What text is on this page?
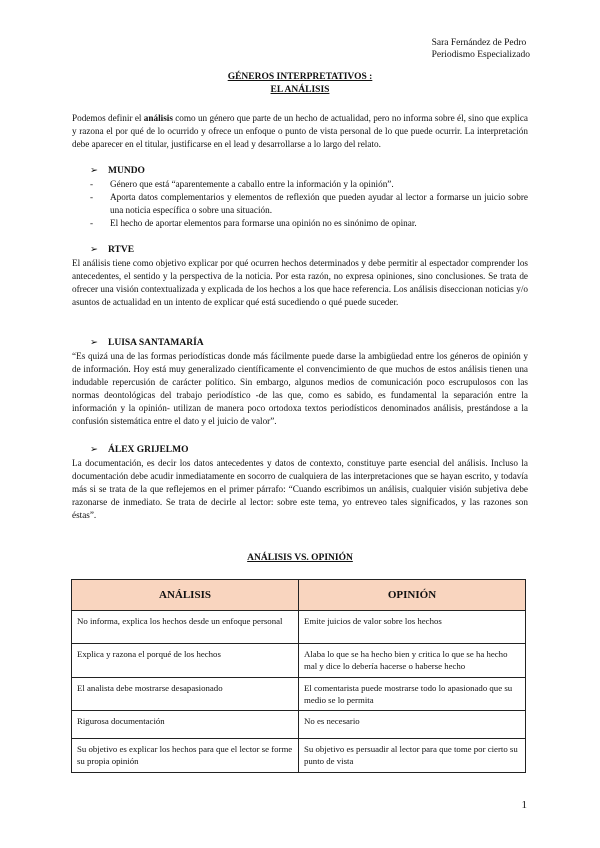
Sara Fernández de Pedro
Periodismo Especializado
GÉNEROS INTERPRETATIVOS :
EL ANÁLISIS
Podemos definir el análisis como un género que parte de un hecho de actualidad, pero no informa sobre él, sino que explica y razona el por qué de lo ocurrido y ofrece un enfoque o punto de vista personal de lo que puede ocurrir. La interpretación debe aparecer en el titular, justificarse en el lead y desarrollarse a lo largo del relato.
➢ MUNDO
- Género que está “aparentemente a caballo entre la información y la opinión”.
- Aporta datos complementarios y elementos de reflexión que pueden ayudar al lector a formarse un juicio sobre una noticia específica o sobre una situación.
- El hecho de aportar elementos para formarse una opinión no es sinónimo de opinar.
➢ RTVE
El análisis tiene como objetivo explicar por qué ocurren hechos determinados y debe permitir al espectador comprender los antecedentes, el sentido y la perspectiva de la noticia. Por esta razón, no expresa opiniones, sino conclusiones. Se trata de ofrecer una visión contextualizada y explicada de los hechos a los que hace referencia. Los análisis diseccionan noticias y/o asuntos de actualidad en un intento de explicar qué está sucediendo o qué puede suceder.
➢ LUISA SANTAMARÍA
“Es quizá una de las formas periodísticas donde más fácilmente puede darse la ambigüedad entre los géneros de opinión y de información. Hoy está muy generalizado científicamente el convencimiento de que muchos de estos análisis tienen una indudable repercusión de carácter político. Sin embargo, algunos medios de comunicación poco escrupulosos con las normas deontológicas del trabajo periodístico -de las que, como es sabido, es fundamental la separación entre la información y la opinión- utilizan de manera poco ortodoxa textos periodísticos denominados análisis, prestándose a la confusión sistemática entre el dato y el juicio de valor”.
➢ ÁLEX GRIJELMO
La documentación, es decir los datos antecedentes y datos de contexto, constituye parte esencial del análisis. Incluso la documentación debe acudir inmediatamente en socorro de cualquiera de las interpretaciones que se hayan escrito, y todavía más si se trata de la que reflejemos en el primer párrafo: “Cuando escribimos un análisis, cualquier visión subjetiva debe razonarse de inmediato. Se trata de decirle al lector: sobre este tema, yo entreveo tales significados, y las razones son éstas”.
ANÁLISIS VS. OPINIÓN
ANÁLISIS	OPINIÓN
No informa, explica los hechos desde un enfoque personal	Emite juicios de valor sobre los hechos
Explica y razona el porqué de los hechos	Alaba lo que se ha hecho bien y critica lo que se ha hecho mal y dice lo debería hacerse o haberse hecho
El analista debe mostrarse desapasionado	El comentarista puede mostrarse todo lo apasionado que su medio se lo permita
Rigurosa documentación	No es necesario
Su objetivo es explicar los hechos para que el lector se forme su propia opinión	Su objetivo es persuadir al lector para que tome por cierto su punto de vista
1
